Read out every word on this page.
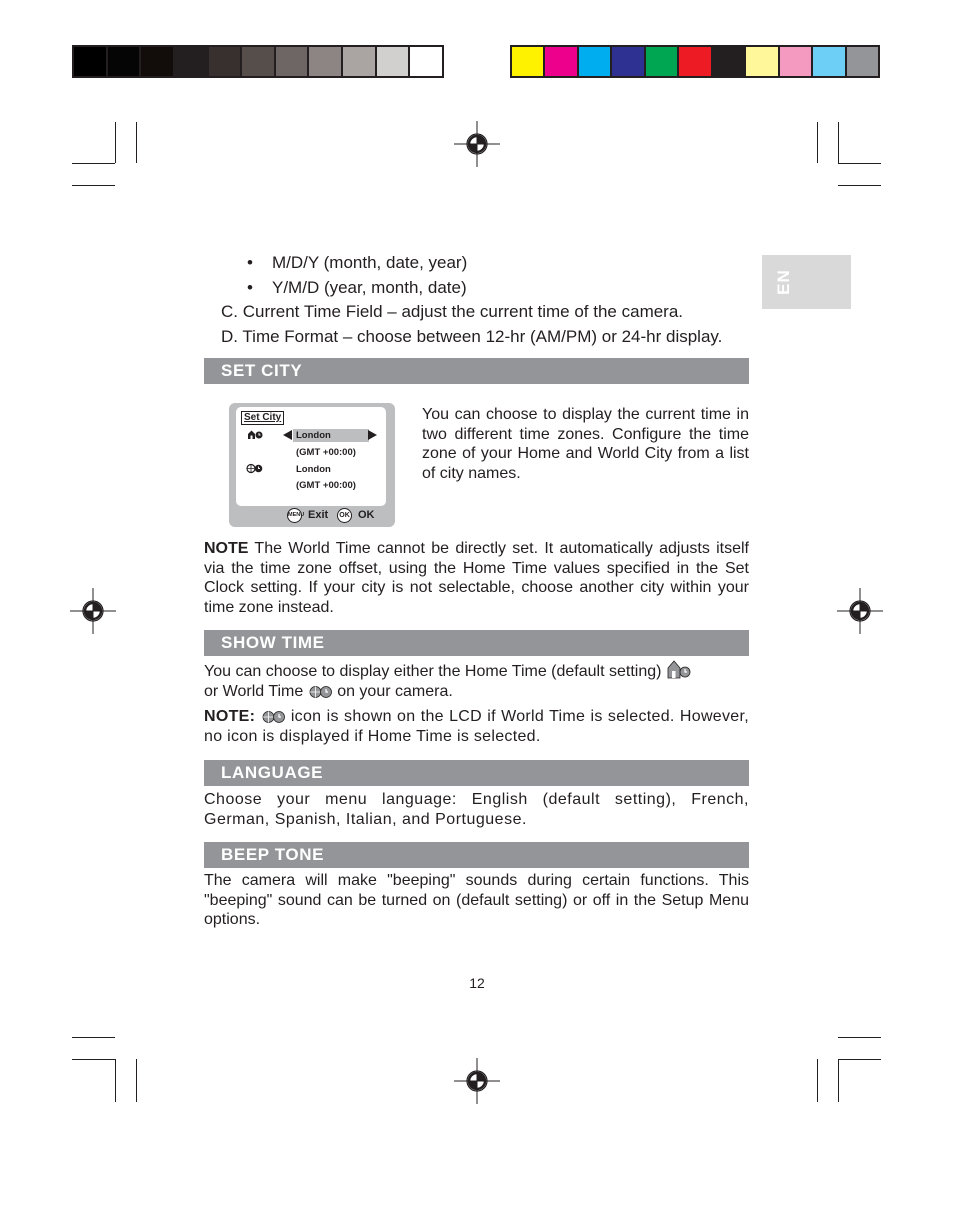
EN
• M/D/Y (month, date, year)
• Y/M/D (year, month, date)
C. Current Time Field – adjust the current time of the camera.
D. Time Format – choose between 12-hr (AM/PM) or 24-hr display.
SET CITY
Set City
London
(GMT +00:00)
London
(GMT +00:00)
MENU Exit	OK OK
You can choose to display the current time in two different time zones. Configure the time zone of your Home and World City from a list of city names.
NOTE The World Time cannot be directly set. It automatically adjusts itself via the time zone offset, using the Home Time values specified in the Set Clock setting. If your city is not selectable, choose another city within your time zone instead.
SHOW TIME
You can choose to display either the Home Time (default setting)
or World Time on your camera.
NOTE: icon is shown on the LCD if World Time is selected. However, no icon is displayed if Home Time is selected.
LANGUAGE
Choose your menu language: English (default setting), French, German, Spanish, Italian, and Portuguese.
BEEP TONE
The camera will make "beeping" sounds during certain functions. This "beeping" sound can be turned on (default setting) or off in the Setup Menu options.
12
